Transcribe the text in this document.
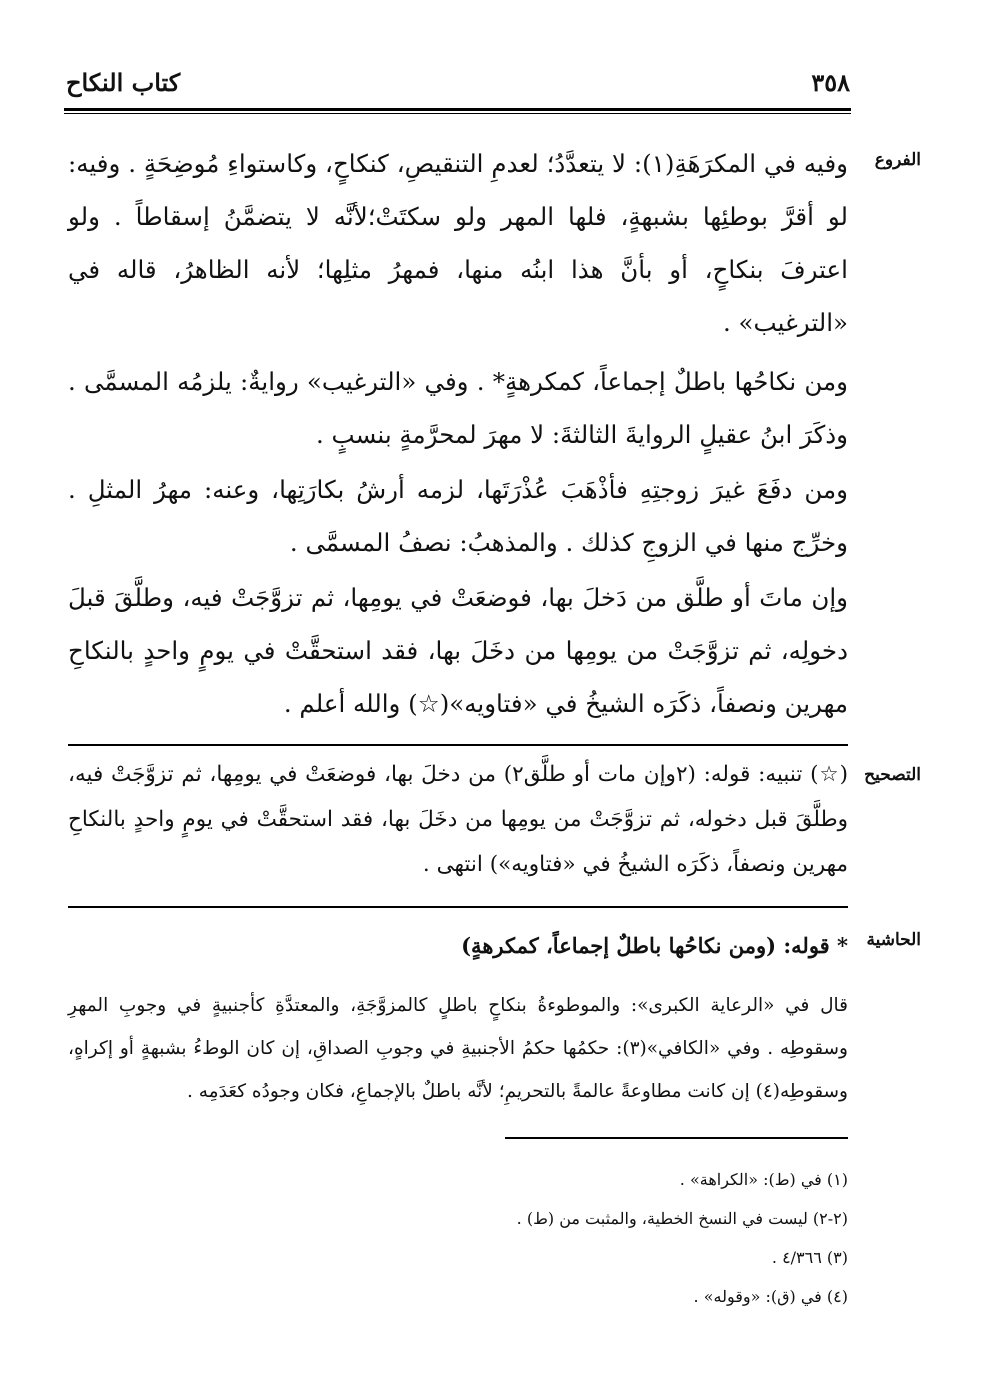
كتاب النكاح	٣٥٨
الفروع
التصحيح
الحاشية

وفيه في المكرَهَةِ(١): لا يتعدَّدُ؛ لعدمِ التنقيصِ، كنكاحٍ، وكاستواءِ مُوضِحَةٍ . وفيه: لو أقرَّ بوطئِها بشبهةٍ، فلها المهر ولو سكتَتْ؛لأنَّه لا يتضمَّنُ إسقاطاً . ولو اعترفَ بنكاحٍ، أو بأنَّ هذا ابنُه منها، فمهرُ مثلِها؛ لأنه الظاهرُ، قاله في «الترغيب» .

ومن نكاحُها باطلٌ إجماعاً، كمكرهةٍ* . وفي «الترغيب» روايةٌ: يلزمُه المسمَّى . وذكَرَ ابنُ عقيلٍ الروايةَ الثالثةَ: لا مهرَ لمحرَّمةٍ بنسبٍ .

ومن دفَعَ غيرَ زوجتِهِ فأذْهَبَ عُذْرَتَها، لزمه أرشُ بكارَتِها، وعنه: مهرُ المثلِ . وخرِّج منها في الزوجِ كذلك . والمذهبُ: نصفُ المسمَّى .

وإن ماتَ أو طلَّق من دَخلَ بها، فوضعَتْ في يومِها، ثم تزوَّجَتْ فيه، وطلَّقَ قبلَ دخولِه، ثم تزوَّجَتْ من يومِها من دخَلَ بها، فقد استحقَّتْ في يومٍ واحدٍ بالنكاحِ مهرين ونصفاً، ذكَرَه الشيخُ في «فتاويه»(☆) والله أعلم .

(☆) تنبيه: قوله: (٢وإن مات أو طلَّق٢) من دخلَ بها، فوضعَتْ في يومِها، ثم تزوَّجَتْ فيه، وطلَّقَ قبل دخوله، ثم تزوَّجَتْ من يومِها من دخَلَ بها، فقد استحقَّتْ في يومٍ واحدٍ بالنكاحِ مهرين ونصفاً، ذكَرَه الشيخُ في «فتاويه») انتهى .

* قوله: (ومن نكاحُها باطلٌ إجماعاً، كمكرهةٍ)

قال في «الرعاية الكبرى»: والموطوءةُ بنكاحٍ باطلٍ كالمزوَّجَةِ، والمعتدَّةِ كأجنبيةٍ في وجوبِ المهرِ وسقوطِه . وفي «الكافي»(٣): حكمُها حكمُ الأجنبيةِ في وجوبِ الصداقِ، إن كان الوطءُ بشبهةٍ أو إكراهٍ، وسقوطِه(٤) إن كانت مطاوعةً عالمةً بالتحريمِ؛ لأنَّه باطلٌ بالإجماعِ، فكان وجودُه كعَدَمِه .

(١) في (ط): «الكراهة» .
(٢-٢) ليست في النسخ الخطية، والمثبت من (ط) .
(٣) ٤/٣٦٦ .
(٤) في (ق): «وقوله» .
